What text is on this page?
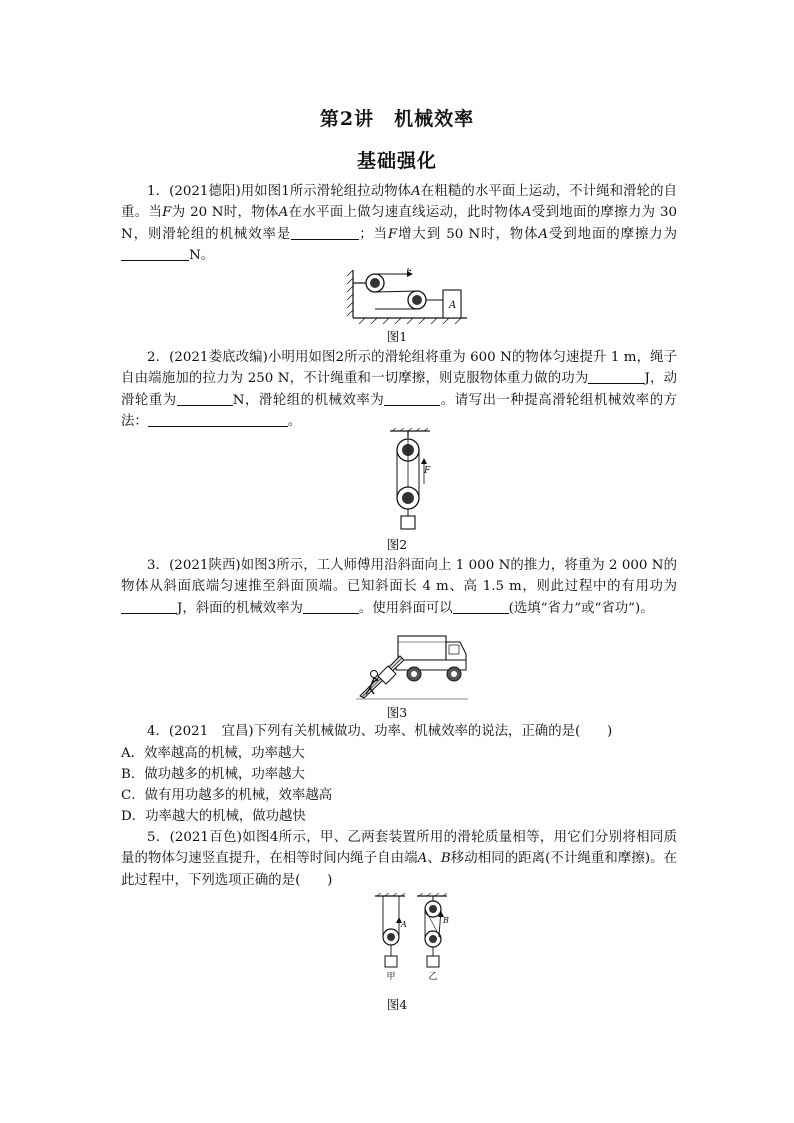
第2讲　机械效率
基础强化

1．(2021德阳)用如图1所示滑轮组拉动物体A在粗糙的水平面上运动，不计绳和滑轮的自重。当F为 20 N时，物体A在水平面上做匀速直线运动，此时物体A受到地面的摩擦力为 30 N，则滑轮组的机械效率是	；当F增大到 50 N时，物体A受到地面的摩擦力为N。

F
A

图1

2．(2021娄底改编)小明用如图2所示的滑轮组将重为 600 N的物体匀速提升 1 m，绳子自由端施加的拉力为 250 N，不计绳重和一切摩擦，则克服物体重力做的功为	J，动滑轮重为	N，滑轮组的机械效率为	。请写出一种提高滑轮组机械效率的方法：	。

F

图2

3．(2021陕西)如图3所示，工人师傅用沿斜面向上 1 000 N的推力，将重为 2 000 N的物体从斜面底端匀速推至斜面顶端。已知斜面长 4 m、高 1.5 m，则此过程中的有用功为J，斜面的机械效率为	。使用斜面可以	(选填“省力”或“省功”)。

图3

4．(2021　宜昌)下列有关机械做功、功率、机械效率的说法，正确的是(　　)

A．效率越高的机械，功率越大

B．做功越多的机械，功率越大

C．做有用功越多的机械，效率越高

D．功率越大的机械，做功越快

5．(2021百色)如图4所示，甲、乙两套装置所用的滑轮质量相等，用它们分别将相同质量的物体匀速竖直提升，在相等时间内绳子自由端A、B移动相同的距离(不计绳重和摩擦)。在此过程中，下列选项正确的是(　　)

A
甲
B
乙

图4
